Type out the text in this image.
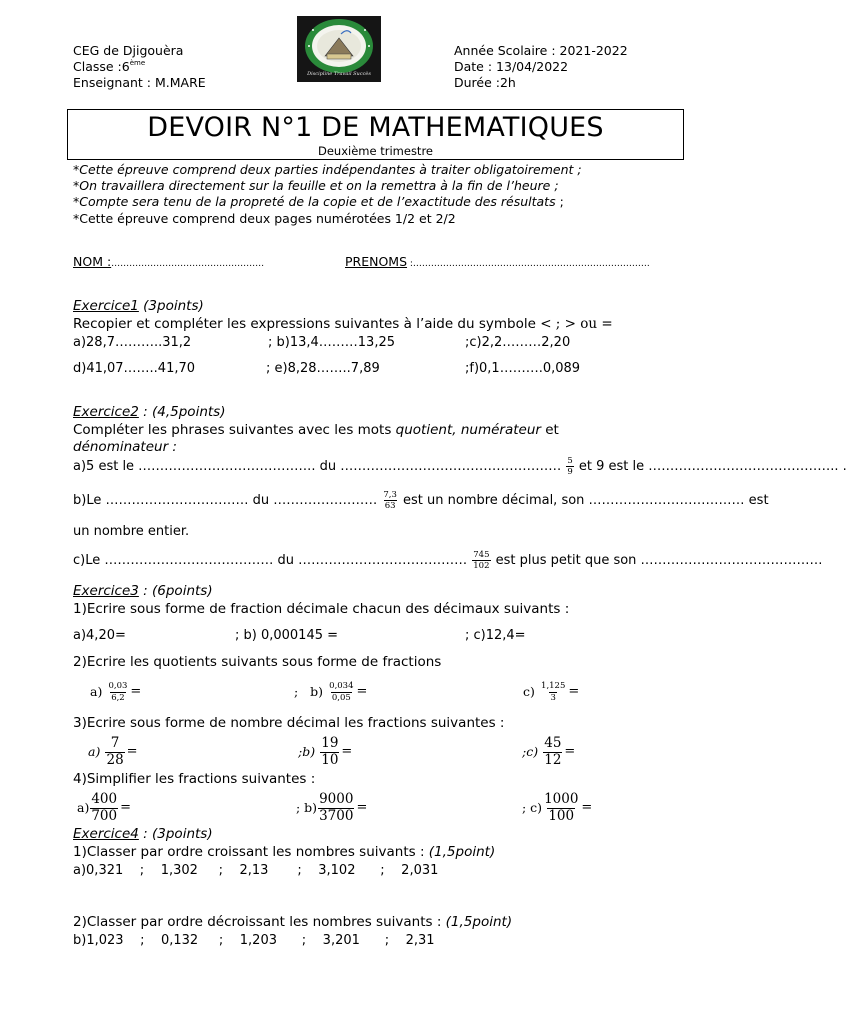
CEG de Djigouèra
Classe :6ème
Enseignant : M.MARE
Année Scolaire : 2021-2022
Date : 13/04/2022
Durée :2h
Discipline Travail Succès
DEVOIR N°1 DE MATHEMATIQUES
Deuxième trimestre
*Cette épreuve comprend deux parties indépendantes à traiter obligatoirement ;
*On travaillera directement sur la feuille et on la remettra à la fin de l’heure ;
*Compte sera tenu de la propreté de la copie et de l’exactitude des résultats ;
*Cette épreuve comprend deux pages numérotées 1/2 et 2/2
NOM :……………………………………………	PRENOMS :…………………………………………………………………….
Exercice1 (3points)
Recopier et compléter les expressions suivantes à l’aide du symbole < ; > ou =
a)28,7………..31,2	; b)13,4………13,25	;c)2,2………2,20
d)41,07……..41,70	; e)8,28……..7,89	;f)0,1……….0,089
Exercice2 : (4,5points)
Compléter les phrases suivantes avec les mots quotient, numérateur et
dénominateur :
a)5 est le ………………………………….. du …………………………………………… $\frac{5}{9}$ et 9 est le …………………………………….. .
b)Le …………………………… du …………………… $\frac{7,3}{63}$ est un nombre décimal, son ……………………………… est
un nombre entier.
c)Le ………………………………… du ………………………………… $\frac{745}{102}$ est plus petit que son ……………………………………
Exercice3 : (6points)
1)Ecrire sous forme de fraction décimale chacun des décimaux suivants :
a)4,20=	; b) 0,000145 =	; c)12,4=
2)Ecrire les quotients suivants sous forme de fractions
$a) \frac{0,03}{6,2}$ =	;   $b) \frac{0,034}{0,05}$ =	$c) \frac{1,125}{3}$ =
3)Ecrire sous forme de nombre décimal les fractions suivantes :
$a) \frac{7}{28}$ =	;b) $\frac{19}{10}$ =	;c) $\frac{45}{12}$ =
4)Simplifier les fractions suivantes :
$a) \frac{400}{700}$ =	; $b) \frac{9000}{3700}$ =	; $c) \frac{1000}{100}$ =
Exercice4 : (3points)
1)Classer par ordre croissant les nombres suivants : (1,5point)
a)0,321    ;    1,302     ;    2,13       ;    3,102      ;    2,031
2)Classer par ordre décroissant les nombres suivants : (1,5point)
b)1,023    ;    0,132     ;    1,203      ;    3,201      ;    2,31
